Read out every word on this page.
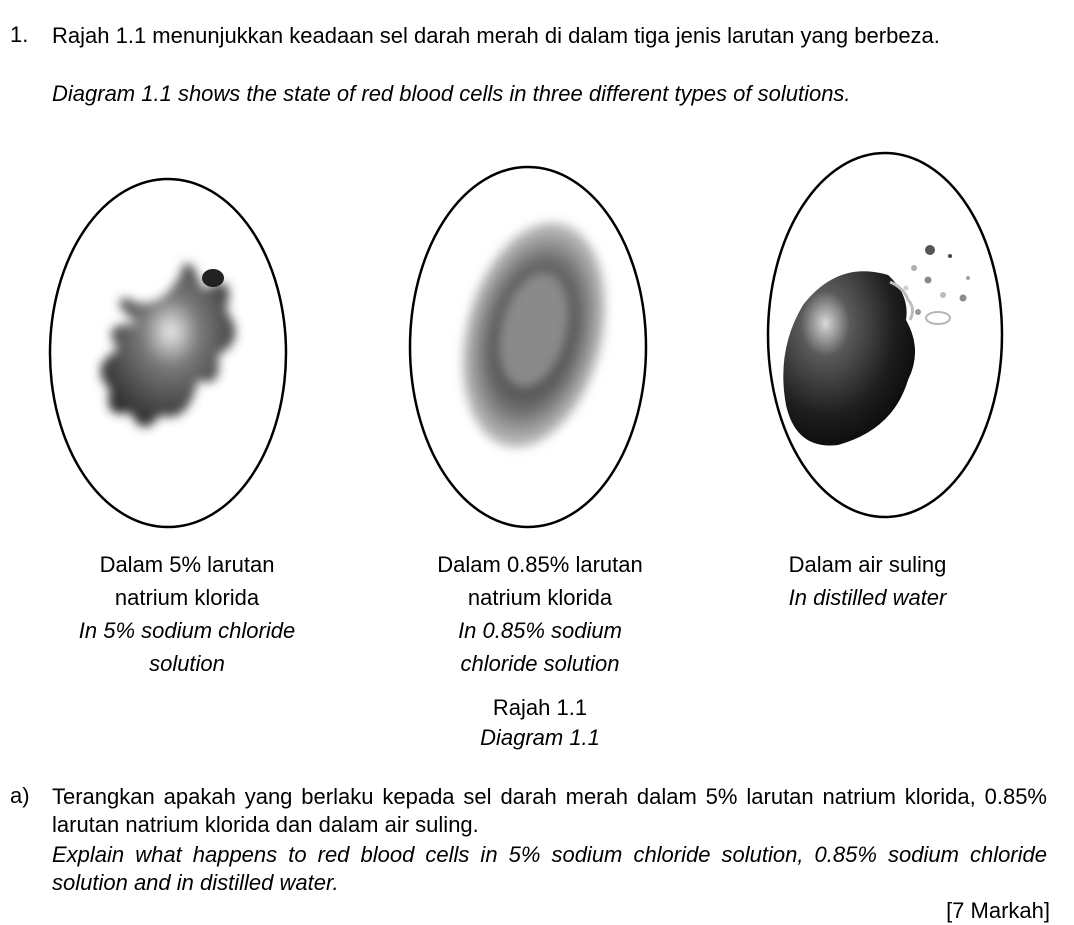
1. Rajah 1.1 menunjukkan keadaan sel darah merah di dalam tiga jenis larutan yang berbeza.
Diagram 1.1 shows the state of red blood cells in three different types of solutions.
Dalam 5% larutan
natrium klorida
In 5% sodium chloride
solution
Dalam 0.85% larutan
natrium klorida
In 0.85% sodium
chloride solution
Dalam air suling
In distilled water
Rajah 1.1
Diagram 1.1
a) Terangkan apakah yang berlaku kepada sel darah merah dalam 5% larutan natrium klorida, 0.85% larutan natrium klorida dan dalam air suling.
Explain what happens to red blood cells in 5% sodium chloride solution, 0.85% sodium chloride solution and in distilled water.
[7 Markah]
